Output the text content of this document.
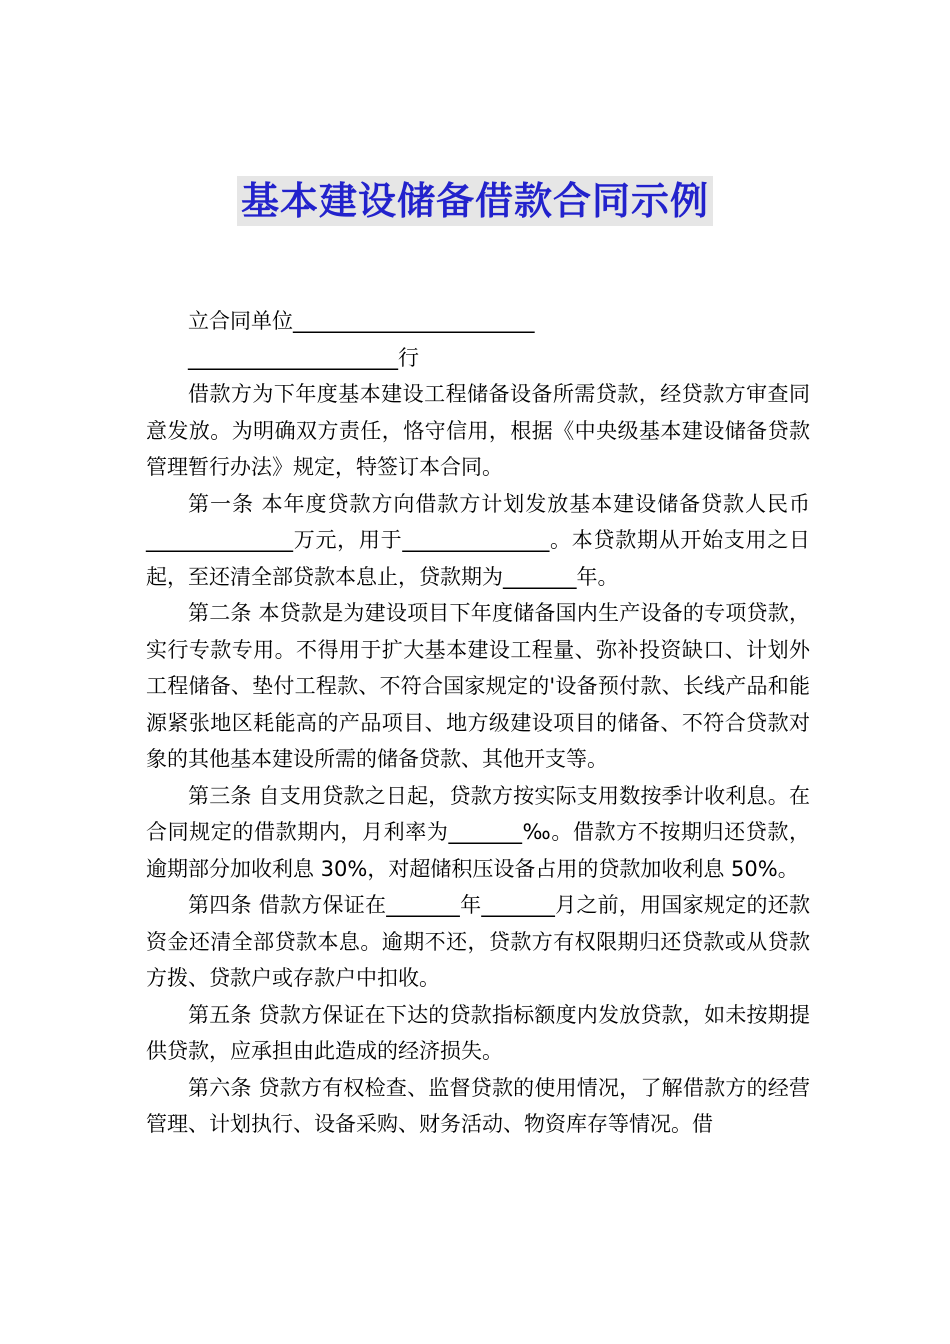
基本建设储备借款合同示例

立合同单位_______________________

____________________行

借款方为下年度基本建设工程储备设备所需贷款，经贷款方审查同意发放。为明确双方责任，恪守信用，根据《中央级基本建设储备贷款管理暂行办法》规定，特签订本合同。

第一条 本年度贷款方向借款方计划发放基本建设储备贷款人民币______________万元，用于______________。本贷款期从开始支用之日起，至还清全部贷款本息止，贷款期为_______年。

第二条 本贷款是为建设项目下年度储备国内生产设备的专项贷款，实行专款专用。不得用于扩大基本建设工程量、弥补投资缺口、计划外工程储备、垫付工程款、不符合国家规定的'设备预付款、长线产品和能源紧张地区耗能高的产品项目、地方级建设项目的储备、不符合贷款对象的其他基本建设所需的储备贷款、其他开支等。

第三条 自支用贷款之日起，贷款方按实际支用数按季计收利息。在合同规定的借款期内，月利率为_______‰。借款方不按期归还贷款，逾期部分加收利息 30%，对超储积压设备占用的贷款加收利息 50%。

第四条 借款方保证在_______年_______月之前，用国家规定的还款资金还清全部贷款本息。逾期不还，贷款方有权限期归还贷款或从贷款方拨、贷款户或存款户中扣收。

第五条 贷款方保证在下达的贷款指标额度内发放贷款，如未按期提供贷款，应承担由此造成的经济损失。

第六条 贷款方有权检查、监督贷款的使用情况，了解借款方的经营管理、计划执行、设备采购、财务活动、物资库存等情况。借
